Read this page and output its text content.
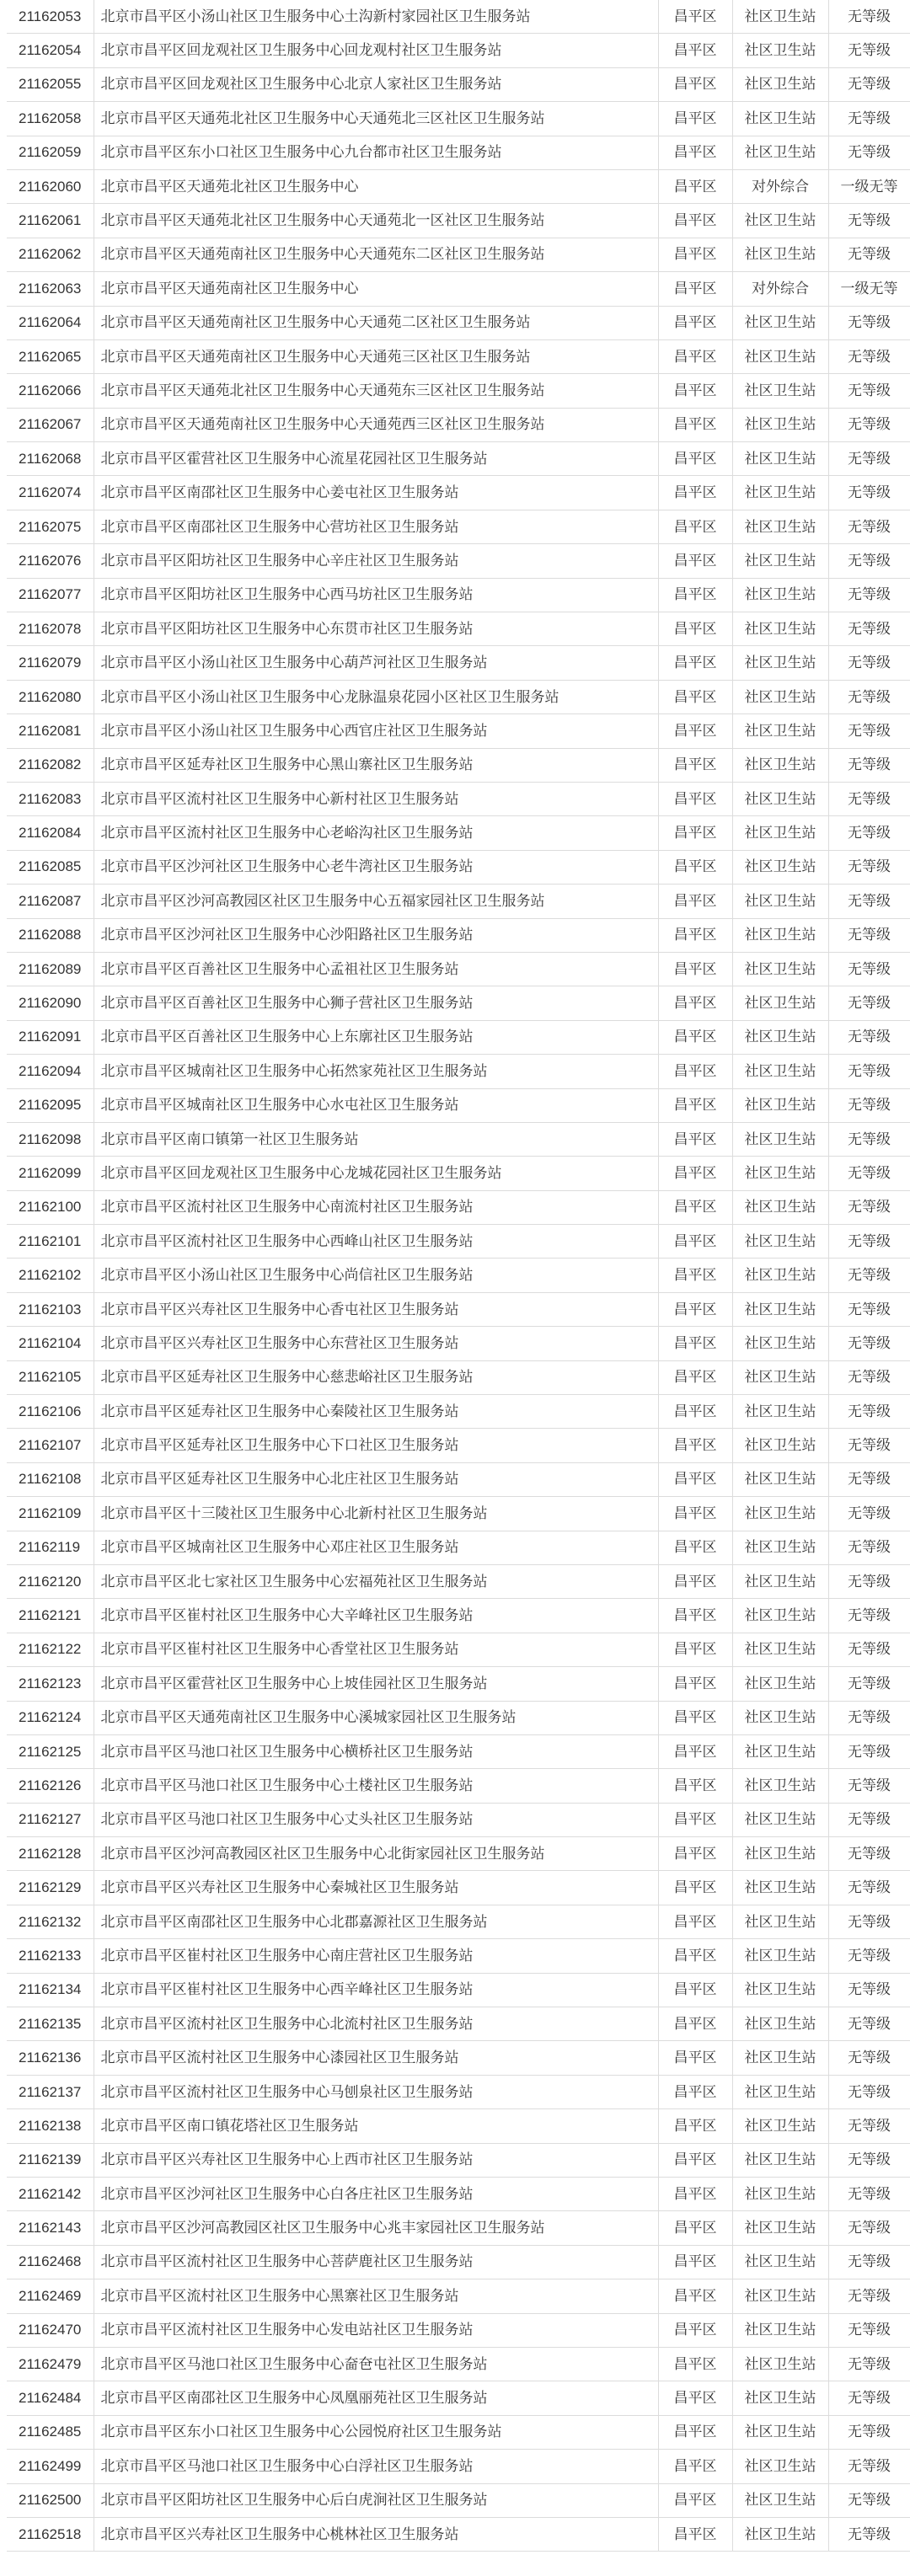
21162053	北京市昌平区小汤山社区卫生服务中心土沟新村家园社区卫生服务站	昌平区	社区卫生站	无等级
21162054	北京市昌平区回龙观社区卫生服务中心回龙观村社区卫生服务站	昌平区	社区卫生站	无等级
21162055	北京市昌平区回龙观社区卫生服务中心北京人家社区卫生服务站	昌平区	社区卫生站	无等级
21162058	北京市昌平区天通苑北社区卫生服务中心天通苑北三区社区卫生服务站	昌平区	社区卫生站	无等级
21162059	北京市昌平区东小口社区卫生服务中心九台都市社区卫生服务站	昌平区	社区卫生站	无等级
21162060	北京市昌平区天通苑北社区卫生服务中心	昌平区	对外综合	一级无等
21162061	北京市昌平区天通苑北社区卫生服务中心天通苑北一区社区卫生服务站	昌平区	社区卫生站	无等级
21162062	北京市昌平区天通苑南社区卫生服务中心天通苑东二区社区卫生服务站	昌平区	社区卫生站	无等级
21162063	北京市昌平区天通苑南社区卫生服务中心	昌平区	对外综合	一级无等
21162064	北京市昌平区天通苑南社区卫生服务中心天通苑二区社区卫生服务站	昌平区	社区卫生站	无等级
21162065	北京市昌平区天通苑南社区卫生服务中心天通苑三区社区卫生服务站	昌平区	社区卫生站	无等级
21162066	北京市昌平区天通苑北社区卫生服务中心天通苑东三区社区卫生服务站	昌平区	社区卫生站	无等级
21162067	北京市昌平区天通苑南社区卫生服务中心天通苑西三区社区卫生服务站	昌平区	社区卫生站	无等级
21162068	北京市昌平区霍营社区卫生服务中心流星花园社区卫生服务站	昌平区	社区卫生站	无等级
21162074	北京市昌平区南邵社区卫生服务中心姜屯社区卫生服务站	昌平区	社区卫生站	无等级
21162075	北京市昌平区南邵社区卫生服务中心营坊社区卫生服务站	昌平区	社区卫生站	无等级
21162076	北京市昌平区阳坊社区卫生服务中心辛庄社区卫生服务站	昌平区	社区卫生站	无等级
21162077	北京市昌平区阳坊社区卫生服务中心西马坊社区卫生服务站	昌平区	社区卫生站	无等级
21162078	北京市昌平区阳坊社区卫生服务中心东贯市社区卫生服务站	昌平区	社区卫生站	无等级
21162079	北京市昌平区小汤山社区卫生服务中心葫芦河社区卫生服务站	昌平区	社区卫生站	无等级
21162080	北京市昌平区小汤山社区卫生服务中心龙脉温泉花园小区社区卫生服务站	昌平区	社区卫生站	无等级
21162081	北京市昌平区小汤山社区卫生服务中心西官庄社区卫生服务站	昌平区	社区卫生站	无等级
21162082	北京市昌平区延寿社区卫生服务中心黑山寨社区卫生服务站	昌平区	社区卫生站	无等级
21162083	北京市昌平区流村社区卫生服务中心新村社区卫生服务站	昌平区	社区卫生站	无等级
21162084	北京市昌平区流村社区卫生服务中心老峪沟社区卫生服务站	昌平区	社区卫生站	无等级
21162085	北京市昌平区沙河社区卫生服务中心老牛湾社区卫生服务站	昌平区	社区卫生站	无等级
21162087	北京市昌平区沙河高教园区社区卫生服务中心五福家园社区卫生服务站	昌平区	社区卫生站	无等级
21162088	北京市昌平区沙河社区卫生服务中心沙阳路社区卫生服务站	昌平区	社区卫生站	无等级
21162089	北京市昌平区百善社区卫生服务中心孟祖社区卫生服务站	昌平区	社区卫生站	无等级
21162090	北京市昌平区百善社区卫生服务中心狮子营社区卫生服务站	昌平区	社区卫生站	无等级
21162091	北京市昌平区百善社区卫生服务中心上东廓社区卫生服务站	昌平区	社区卫生站	无等级
21162094	北京市昌平区城南社区卫生服务中心拓然家苑社区卫生服务站	昌平区	社区卫生站	无等级
21162095	北京市昌平区城南社区卫生服务中心水屯社区卫生服务站	昌平区	社区卫生站	无等级
21162098	北京市昌平区南口镇第一社区卫生服务站	昌平区	社区卫生站	无等级
21162099	北京市昌平区回龙观社区卫生服务中心龙城花园社区卫生服务站	昌平区	社区卫生站	无等级
21162100	北京市昌平区流村社区卫生服务中心南流村社区卫生服务站	昌平区	社区卫生站	无等级
21162101	北京市昌平区流村社区卫生服务中心西峰山社区卫生服务站	昌平区	社区卫生站	无等级
21162102	北京市昌平区小汤山社区卫生服务中心尚信社区卫生服务站	昌平区	社区卫生站	无等级
21162103	北京市昌平区兴寿社区卫生服务中心香屯社区卫生服务站	昌平区	社区卫生站	无等级
21162104	北京市昌平区兴寿社区卫生服务中心东营社区卫生服务站	昌平区	社区卫生站	无等级
21162105	北京市昌平区延寿社区卫生服务中心慈悲峪社区卫生服务站	昌平区	社区卫生站	无等级
21162106	北京市昌平区延寿社区卫生服务中心秦陵社区卫生服务站	昌平区	社区卫生站	无等级
21162107	北京市昌平区延寿社区卫生服务中心下口社区卫生服务站	昌平区	社区卫生站	无等级
21162108	北京市昌平区延寿社区卫生服务中心北庄社区卫生服务站	昌平区	社区卫生站	无等级
21162109	北京市昌平区十三陵社区卫生服务中心北新村社区卫生服务站	昌平区	社区卫生站	无等级
21162119	北京市昌平区城南社区卫生服务中心邓庄社区卫生服务站	昌平区	社区卫生站	无等级
21162120	北京市昌平区北七家社区卫生服务中心宏福苑社区卫生服务站	昌平区	社区卫生站	无等级
21162121	北京市昌平区崔村社区卫生服务中心大辛峰社区卫生服务站	昌平区	社区卫生站	无等级
21162122	北京市昌平区崔村社区卫生服务中心香堂社区卫生服务站	昌平区	社区卫生站	无等级
21162123	北京市昌平区霍营社区卫生服务中心上坡佳园社区卫生服务站	昌平区	社区卫生站	无等级
21162124	北京市昌平区天通苑南社区卫生服务中心溪城家园社区卫生服务站	昌平区	社区卫生站	无等级
21162125	北京市昌平区马池口社区卫生服务中心横桥社区卫生服务站	昌平区	社区卫生站	无等级
21162126	北京市昌平区马池口社区卫生服务中心土楼社区卫生服务站	昌平区	社区卫生站	无等级
21162127	北京市昌平区马池口社区卫生服务中心丈头社区卫生服务站	昌平区	社区卫生站	无等级
21162128	北京市昌平区沙河高教园区社区卫生服务中心北街家园社区卫生服务站	昌平区	社区卫生站	无等级
21162129	北京市昌平区兴寿社区卫生服务中心秦城社区卫生服务站	昌平区	社区卫生站	无等级
21162132	北京市昌平区南邵社区卫生服务中心北郡嘉源社区卫生服务站	昌平区	社区卫生站	无等级
21162133	北京市昌平区崔村社区卫生服务中心南庄营社区卫生服务站	昌平区	社区卫生站	无等级
21162134	北京市昌平区崔村社区卫生服务中心西辛峰社区卫生服务站	昌平区	社区卫生站	无等级
21162135	北京市昌平区流村社区卫生服务中心北流村社区卫生服务站	昌平区	社区卫生站	无等级
21162136	北京市昌平区流村社区卫生服务中心漆园社区卫生服务站	昌平区	社区卫生站	无等级
21162137	北京市昌平区流村社区卫生服务中心马刨泉社区卫生服务站	昌平区	社区卫生站	无等级
21162138	北京市昌平区南口镇花塔社区卫生服务站	昌平区	社区卫生站	无等级
21162139	北京市昌平区兴寿社区卫生服务中心上西市社区卫生服务站	昌平区	社区卫生站	无等级
21162142	北京市昌平区沙河社区卫生服务中心白各庄社区卫生服务站	昌平区	社区卫生站	无等级
21162143	北京市昌平区沙河高教园区社区卫生服务中心兆丰家园社区卫生服务站	昌平区	社区卫生站	无等级
21162468	北京市昌平区流村社区卫生服务中心菩萨鹿社区卫生服务站	昌平区	社区卫生站	无等级
21162469	北京市昌平区流村社区卫生服务中心黑寨社区卫生服务站	昌平区	社区卫生站	无等级
21162470	北京市昌平区流村社区卫生服务中心发电站社区卫生服务站	昌平区	社区卫生站	无等级
21162479	北京市昌平区马池口社区卫生服务中心奤夿屯社区卫生服务站	昌平区	社区卫生站	无等级
21162484	北京市昌平区南邵社区卫生服务中心凤凰丽苑社区卫生服务站	昌平区	社区卫生站	无等级
21162485	北京市昌平区东小口社区卫生服务中心公园悦府社区卫生服务站	昌平区	社区卫生站	无等级
21162499	北京市昌平区马池口社区卫生服务中心白浮社区卫生服务站	昌平区	社区卫生站	无等级
21162500	北京市昌平区阳坊社区卫生服务中心后白虎涧社区卫生服务站	昌平区	社区卫生站	无等级
21162518	北京市昌平区兴寿社区卫生服务中心桃林社区卫生服务站	昌平区	社区卫生站	无等级
